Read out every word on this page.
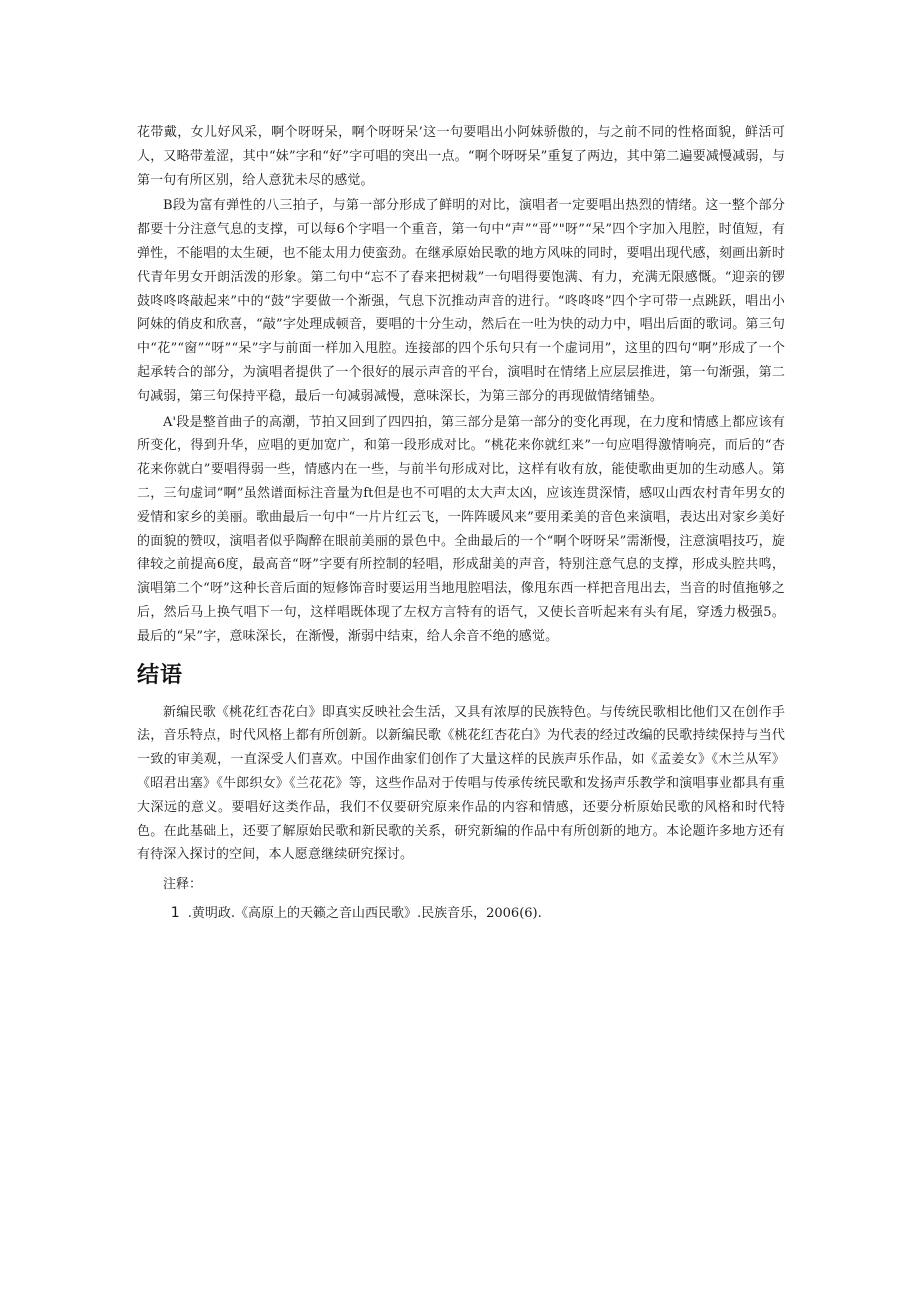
花带戴，女儿好风采，啊个呀呀呆，啊个呀呀呆’这一句要唱出小阿妹骄傲的，与之前不同的性格面貌，鲜活可人，又略带羞涩，其中“妹”字和“好”字可唱的突出一点。“啊个呀呀呆”重复了两边，其中第二遍要减慢减弱，与第一句有所区别，给人意犹未尽的感觉。

B段为富有弹性的八三拍子，与第一部分形成了鲜明的对比，演唱者一定要唱出热烈的情绪。这一整个部分都要十分注意气息的支撑，可以每6个字唱一个重音，第一句中“声”“哥”"呀”“呆”四个字加入甩腔，时值短，有弹性，不能唱的太生硬，也不能太用力使蛮劲。在继承原始民歌的地方风味的同时，要唱出现代感，刻画出新时代青年男女开朗活泼的形象。第二句中“忘不了春来把树栽”一句唱得要饱满、有力，充满无限感慨。“迎亲的锣鼓咚咚咚敲起来”中的“鼓”字要做一个渐强，气息下沉推动声音的进行。“咚咚咚”四个字可带一点跳跃，唱出小阿妹的俏皮和欣喜，“敲”字处理成顿音，要唱的十分生动，然后在一吐为快的动力中，唱出后面的歌词。第三句中“花”“窗”“呀”“呆”字与前面一样加入甩腔。连接部的四个乐句只有一个虚词用”，这里的四句“啊”形成了一个起承转合的部分，为演唱者提供了一个很好的展示声音的平台，演唱时在情绪上应层层推进，第一句渐强，第二句减弱，第三句保持平稳，最后一句减弱减慢，意味深长，为第三部分的再现做情绪铺垫。

A'段是整首曲子的高潮，节拍又回到了四四拍，第三部分是第一部分的变化再现，在力度和情感上都应该有所变化，得到升华，应唱的更加宽广，和第一段形成对比。“桃花来你就红来”一句应唱得激情响亮，而后的“杏花来你就白”要唱得弱一些，情感内在一些，与前半句形成对比，这样有收有放，能使歌曲更加的生动感人。第二，三句虚词“啊”虽然谱面标注音量为ft但是也不可唱的太大声太凶，应该连贯深情，感叹山西农村青年男女的爱情和家乡的美丽。歌曲最后一句中“一片片红云飞，一阵阵暖风来”要用柔美的音色来演唱，表达出对家乡美好的面貌的赞叹，演唱者似乎陶醉在眼前美丽的景色中。全曲最后的一个“啊个呀呀呆”需渐慢，注意演唱技巧，旋律较之前提高6度，最高音“呀”字要有所控制的轻唱，形成甜美的声音，特别注意气息的支撑，形成头腔共鸣，演唱第二个“呀”这种长音后面的短修饰音时要运用当地甩腔唱法，像甩东西一样把音甩出去，当音的时值拖够之后，然后马上换气唱下一句，这样唱既体现了左权方言特有的语气，又使长音听起来有头有尾，穿透力极强5。最后的“呆”字，意味深长，在渐慢，渐弱中结束，给人余音不绝的感觉。

结语

新编民歌《桃花红杏花白》即真实反映社会生活，又具有浓厚的民族特色。与传统民歌相比他们又在创作手法，音乐特点，时代风格上都有所创新。以新编民歌《桃花红杏花白》为代表的经过改编的民歌持续保持与当代一致的审美观，一直深受人们喜欢。中国作曲家们创作了大量这样的民族声乐作品，如《孟姜女》《木兰从军》《昭君出塞》《牛郎织女》《兰花花》等，这些作品对于传唱与传承传统民歌和发扬声乐教学和演唱事业都具有重大深远的意义。要唱好这类作品，我们不仅要研究原来作品的内容和情感，还要分析原始民歌的风格和时代特色。在此基础上，还要了解原始民歌和新民歌的关系，研究新编的作品中有所创新的地方。本论题许多地方还有有待深入探讨的空间，本人愿意继续研究探讨。

注释：
1 .黄明政.《高原上的天籁之音山西民歌》.民族音乐，2006(6).
